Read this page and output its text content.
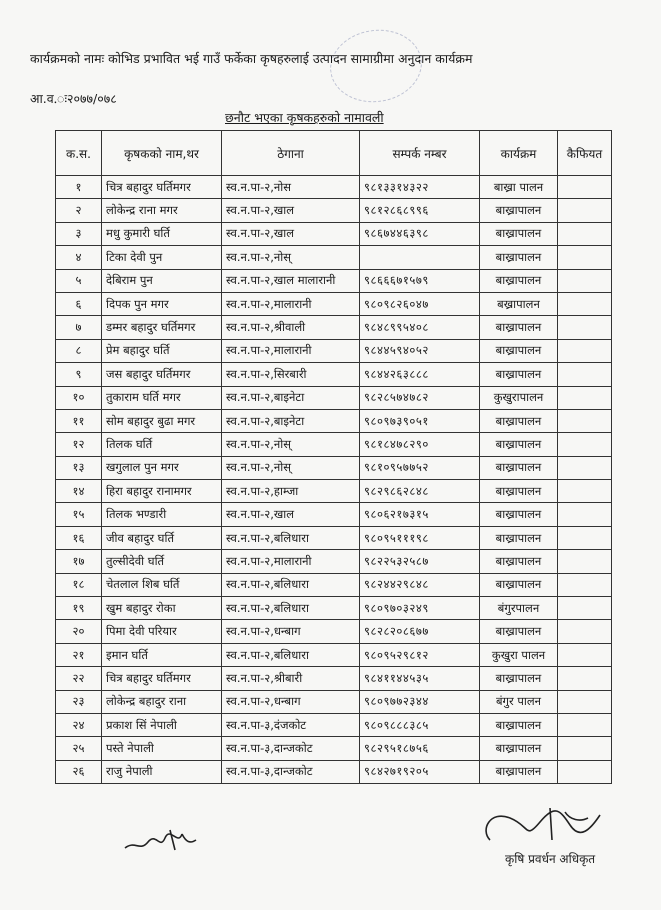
कार्यक्रमको नामः कोभिड प्रभावित भई गाउँ फर्केका कृषहरुलाई उत्पादन सामाग्रीमा अनुदान कार्यक्रम
आ.व.ः२०७७/०७८
छनौट भएका कृषकहरुको नामावली
क.स.	कृषकको नाम,थर	ठेगाना	सम्पर्क नम्बर	कार्यक्रम	कैफियत
१	चित्र बहादुर घर्तिमगर	स्व.न.पा-२,नोस	९८१३३१४३२२	बाख्रा पालन	
२	लोकेन्द्र राना मगर	स्व.न.पा-२,खाल	९८१२८६८९९६	बाख्रापालन	
३	मधु कुमारी घर्ति	स्व.न.पा-२,खाल	९८६७४४६३९८	बाख्रापालन	
४	टिका देवी पुन	स्व.न.पा-२,नोस्		बाख्रापालन	
५	देबिराम पुन	स्व.न.पा-२,खाल मालारानी	९८६६६७१५७९	बाख्रापालन	
६	दिपक पुन मगर	स्व.न.पा-२,मालारानी	९८०९८२६०४७	बख्रापालन	
७	डम्मर बहादुर घर्तिमगर	स्व.न.पा-२,श्रीवाली	९८४८९९५४०८	बाख्रापालन	
८	प्रेम बहादुर घर्ति	स्व.न.पा-२,मालारानी	९८४४५९४०५२	बाख्रापालन	
९	जस बहादुर घर्तिमगर	स्व.न.पा-२,सिरबारी	९८४४२६३८८८	बाख्रापालन	
१०	तुकाराम घर्ति मगर	स्व.न.पा-२,बाइनेटा	९८२८५७४७८२	कुखुरापालन	
११	सोम बहादुर बुढा मगर	स्व.न.पा-२,बाइनेटा	९८०९७३९०५१	बाख्रापालन	
१२	तिलक घर्ति	स्व.न.पा-२,नोस्	९८१८४७८२९०	बाख्रापालन	
१३	खगुलाल पुन मगर	स्व.न.पा-२,नोस्	९८१०९५७७५२	बाख्रापालन	
१४	हिरा बहादुर रानामगर	स्व.न.पा-२,हाम्जा	९८२९८६२८४८	बाख्रापालन	
१५	तिलक भण्डारी	स्व.न.पा-२,खाल	९८०६२१७३१५	बाख्रापालन	
१६	जीव बहादुर घर्ति	स्व.न.पा-२,बलिधारा	९८०९५१११९८	बाख्रापालन	
१७	तुल्सीदेवी घर्ति	स्व.न.पा-२,मालारानी	९८२२५३२५८७	बाख्रापालन	
१८	चेतलाल शिब घर्ति	स्व.न.पा-२,बलिधारा	९८२४४२९८४८	बाख्रापालन	
१९	खुम बहादुर रोका	स्व.न.पा-२,बलिधारा	९८०९७०३२४९	बंगुरपालन	
२०	पिमा देवी परियार	स्व.न.पा-२,धन्बाग	९८२८२०८६७७	बाख्रापालन	
२१	इमान घर्ति	स्व.न.पा-२,बलिधारा	९८०९५२९८१२	कुखुरा पालन	
२२	चित्र बहादुर घर्तिमगर	स्व.न.पा-२,श्रीबारी	९८४११४४५३५	बाख्रापालन	
२३	लोकेन्द्र बहादुर राना	स्व.न.पा-२,धन्बाग	९८०९७७२३४४	बंगुर पालन	
२४	प्रकाश सिं नेपाली	स्व.न.पा-३,दंजकोट	९८०९८८८३८५	बाख्रापालन	
२५	पस्ते नेपाली	स्व.न.पा-३,दान्जकोट	९८२९५१८७५६	बाख्रापालन	
२६	राजु नेपाली	स्व.न.पा-३,दान्जकोट	९८४२७१९२०५	बाख्रापालन	
कृषि प्रवर्धन अधिकृत
